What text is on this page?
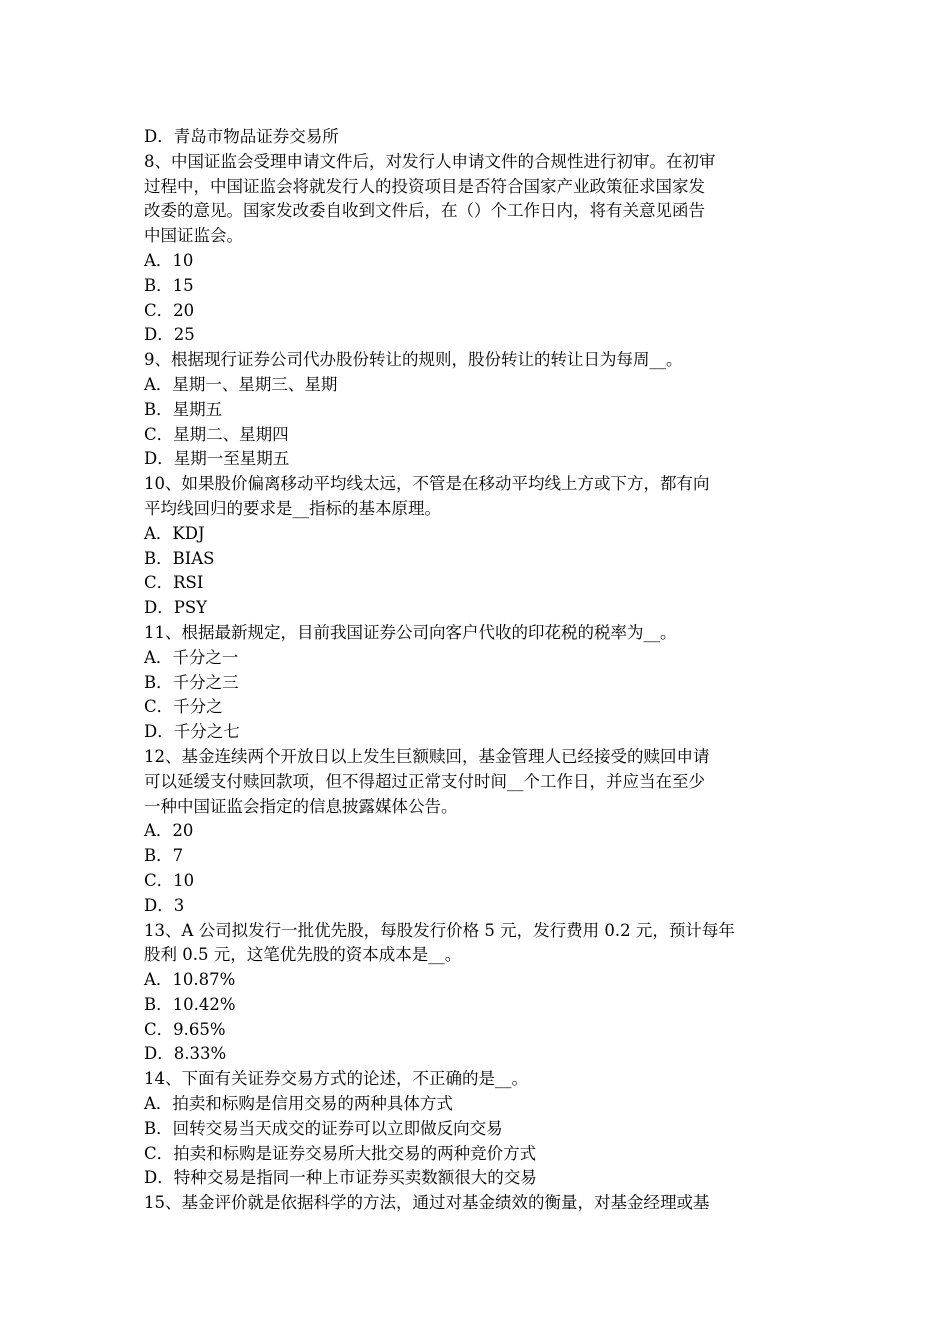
D．青岛市物品证券交易所
8、中国证监会受理申请文件后，对发行人申请文件的合规性进行初审。在初审
过程中，中国证监会将就发行人的投资项目是否符合国家产业政策征求国家发
改委的意见。国家发改委自收到文件后，在（）个工作日内，将有关意见函告
中国证监会。
A．10
B．15
C．20
D．25
9、根据现行证券公司代办股份转让的规则，股份转让的转让日为每周__。
A．星期一、星期三、星期
B．星期五
C．星期二、星期四
D．星期一至星期五
10、如果股价偏离移动平均线太远，不管是在移动平均线上方或下方，都有向
平均线回归的要求是__指标的基本原理。
A．KDJ
B．BIAS
C．RSI
D．PSY
11、根据最新规定，目前我国证券公司向客户代收的印花税的税率为__。
A．千分之一
B．千分之三
C．千分之
D．千分之七
12、基金连续两个开放日以上发生巨额赎回，基金管理人已经接受的赎回申请
可以延缓支付赎回款项，但不得超过正常支付时间__个工作日，并应当在至少
一种中国证监会指定的信息披露媒体公告。
A．20
B．7
C．10
D．3
13、A 公司拟发行一批优先股，每股发行价格 5 元，发行费用 0.2 元，预计每年
股利 0.5 元，这笔优先股的资本成本是__。
A．10.87%
B．10.42%
C．9.65%
D．8.33%
14、下面有关证券交易方式的论述，不正确的是__。
A．拍卖和标购是信用交易的两种具体方式
B．回转交易当天成交的证券可以立即做反向交易
C．拍卖和标购是证券交易所大批交易的两种竞价方式
D．特种交易是指同一种上市证券买卖数额很大的交易
15、基金评价就是依据科学的方法，通过对基金绩效的衡量，对基金经理或基
